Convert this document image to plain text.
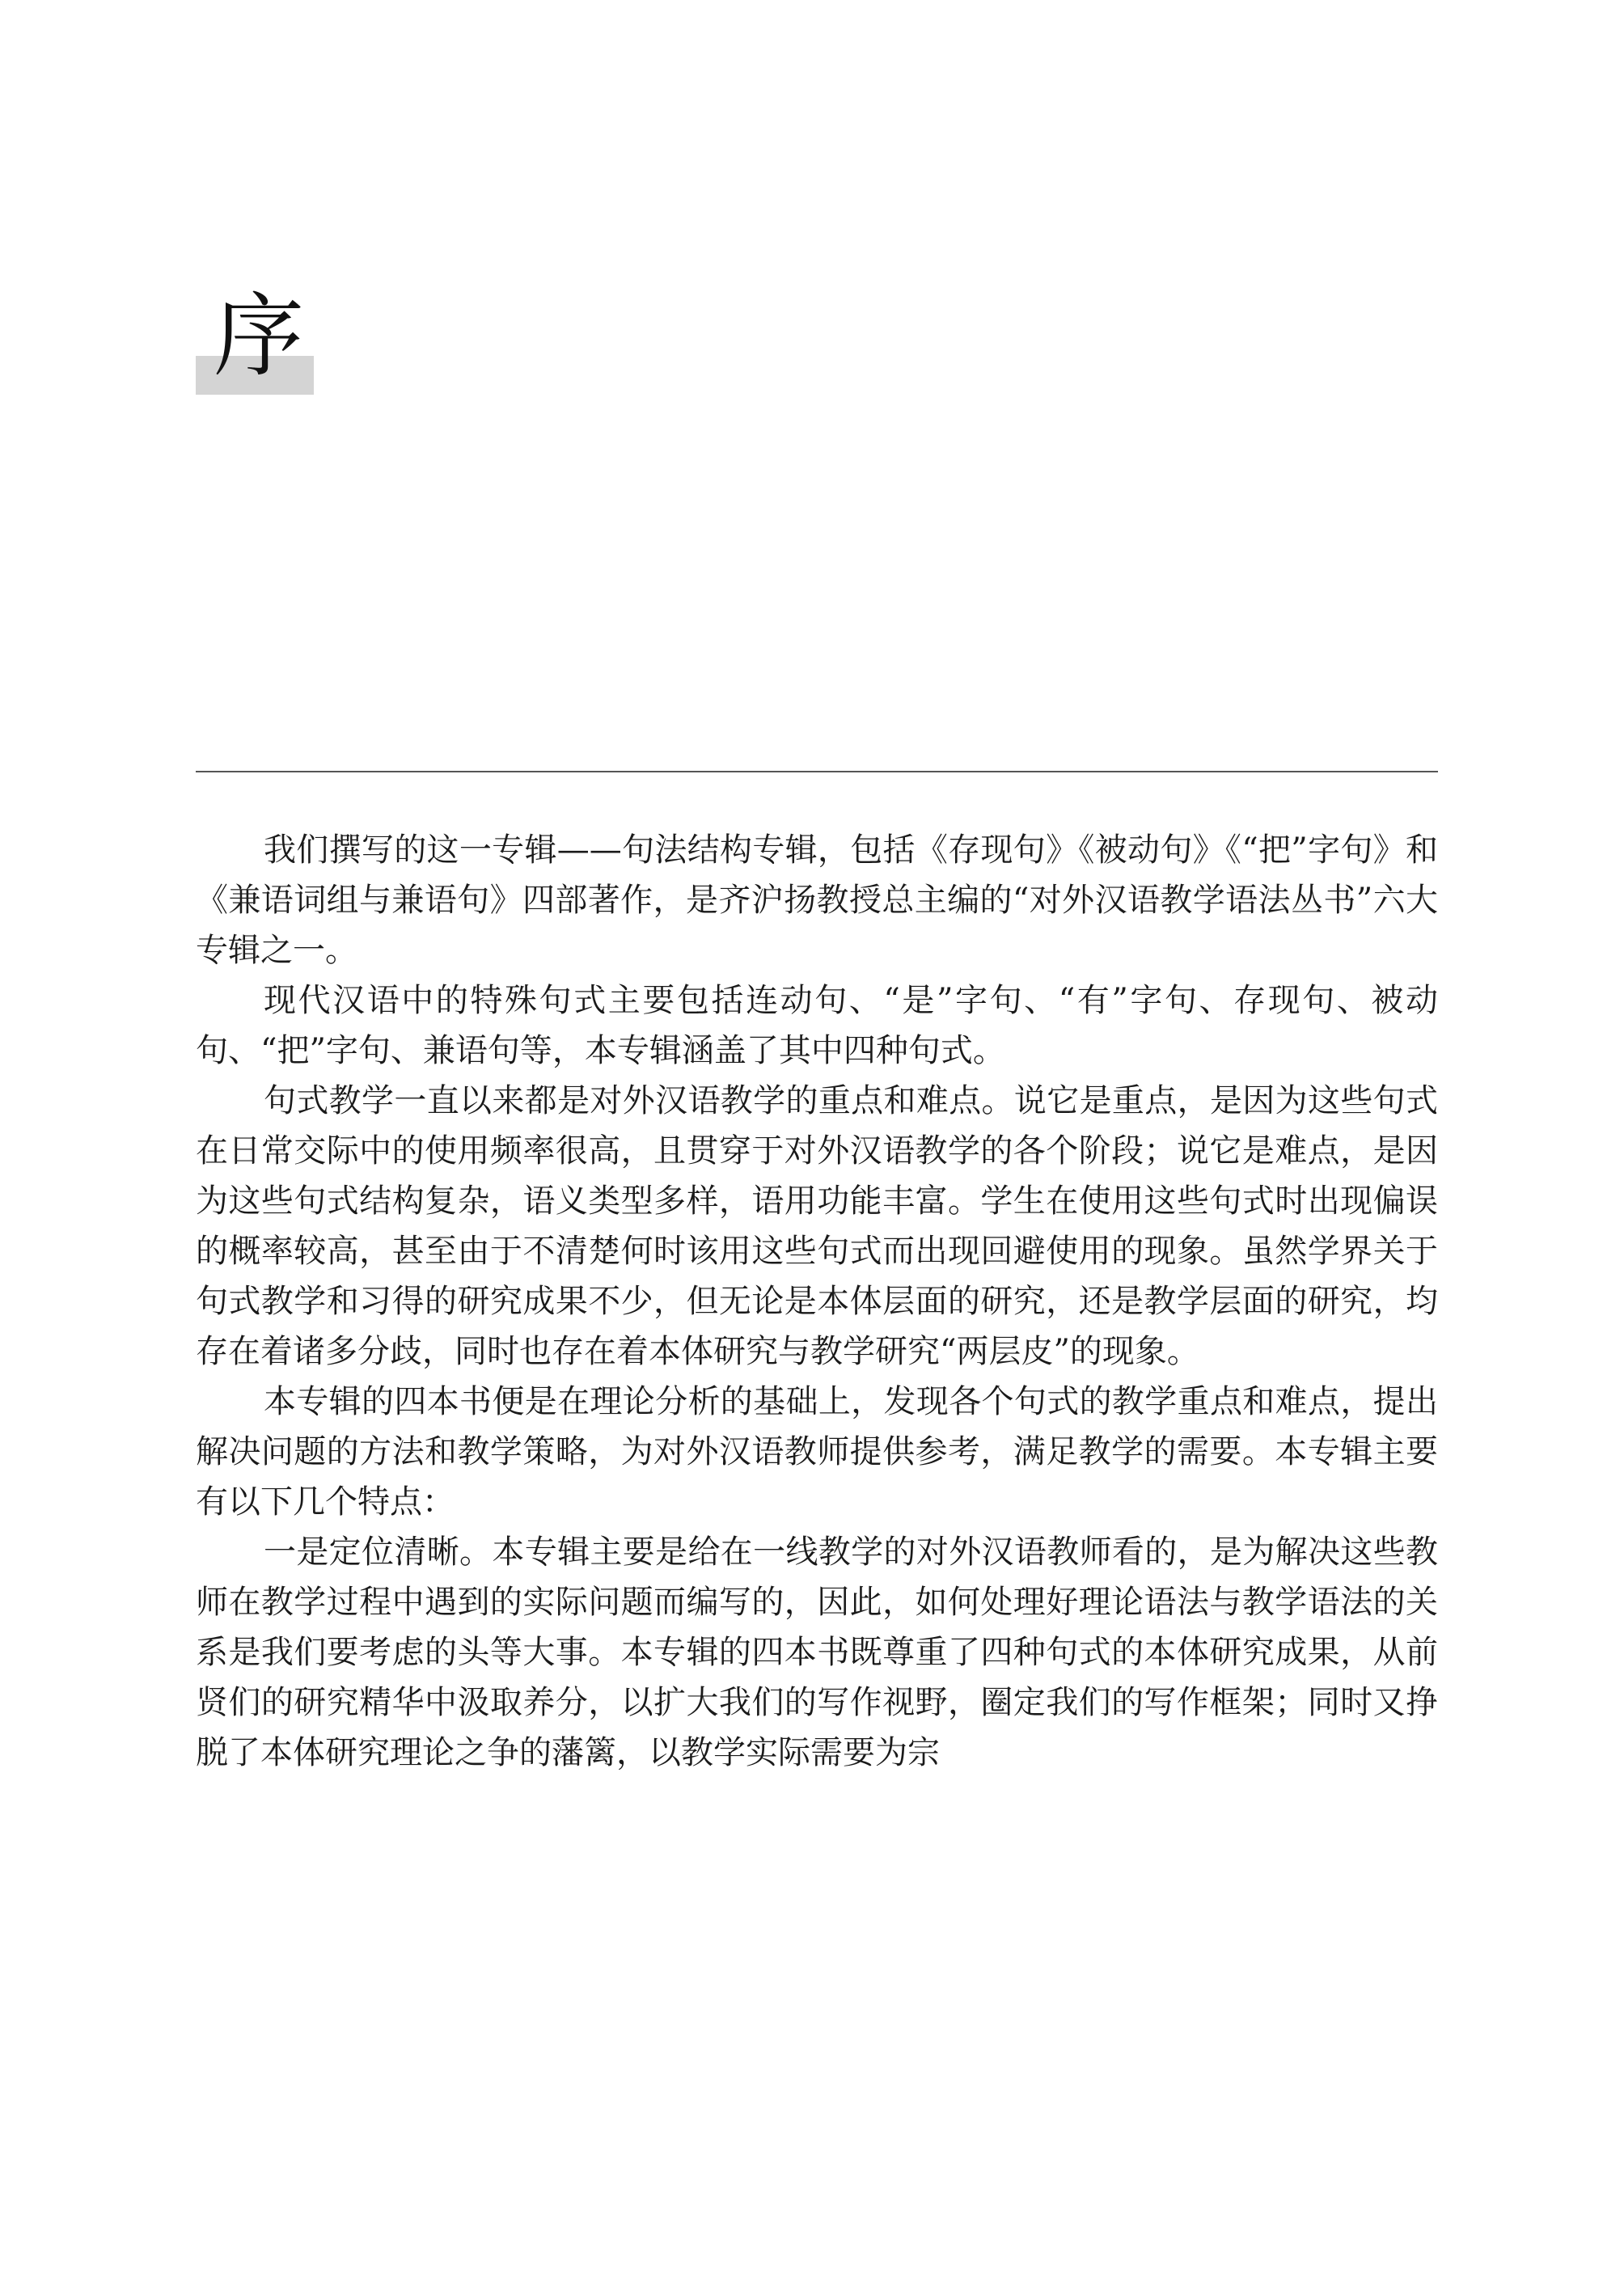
序

我们撰写的这一专辑——句法结构专辑，包括《存现句》《被动句》《“把”字句》和《兼语词组与兼语句》四部著作，是齐沪扬教授总主编的“对外汉语教学语法丛书”六大专辑之一。

现代汉语中的特殊句式主要包括连动句、“是”字句、“有”字句、存现句、被动句、“把”字句、兼语句等，本专辑涵盖了其中四种句式。

句式教学一直以来都是对外汉语教学的重点和难点。说它是重点，是因为这些句式在日常交际中的使用频率很高，且贯穿于对外汉语教学的各个阶段；说它是难点，是因为这些句式结构复杂，语义类型多样，语用功能丰富。学生在使用这些句式时出现偏误的概率较高，甚至由于不清楚何时该用这些句式而出现回避使用的现象。虽然学界关于句式教学和习得的研究成果不少，但无论是本体层面的研究，还是教学层面的研究，均存在着诸多分歧，同时也存在着本体研究与教学研究“两层皮”的现象。

本专辑的四本书便是在理论分析的基础上，发现各个句式的教学重点和难点，提出解决问题的方法和教学策略，为对外汉语教师提供参考，满足教学的需要。本专辑主要有以下几个特点：

一是定位清晰。本专辑主要是给在一线教学的对外汉语教师看的，是为解决这些教师在教学过程中遇到的实际问题而编写的，因此，如何处理好理论语法与教学语法的关系是我们要考虑的头等大事。本专辑的四本书既尊重了四种句式的本体研究成果，从前贤们的研究精华中汲取养分，以扩大我们的写作视野，圈定我们的写作框架；同时又挣脱了本体研究理论之争的藩篱，以教学实际需要为宗
